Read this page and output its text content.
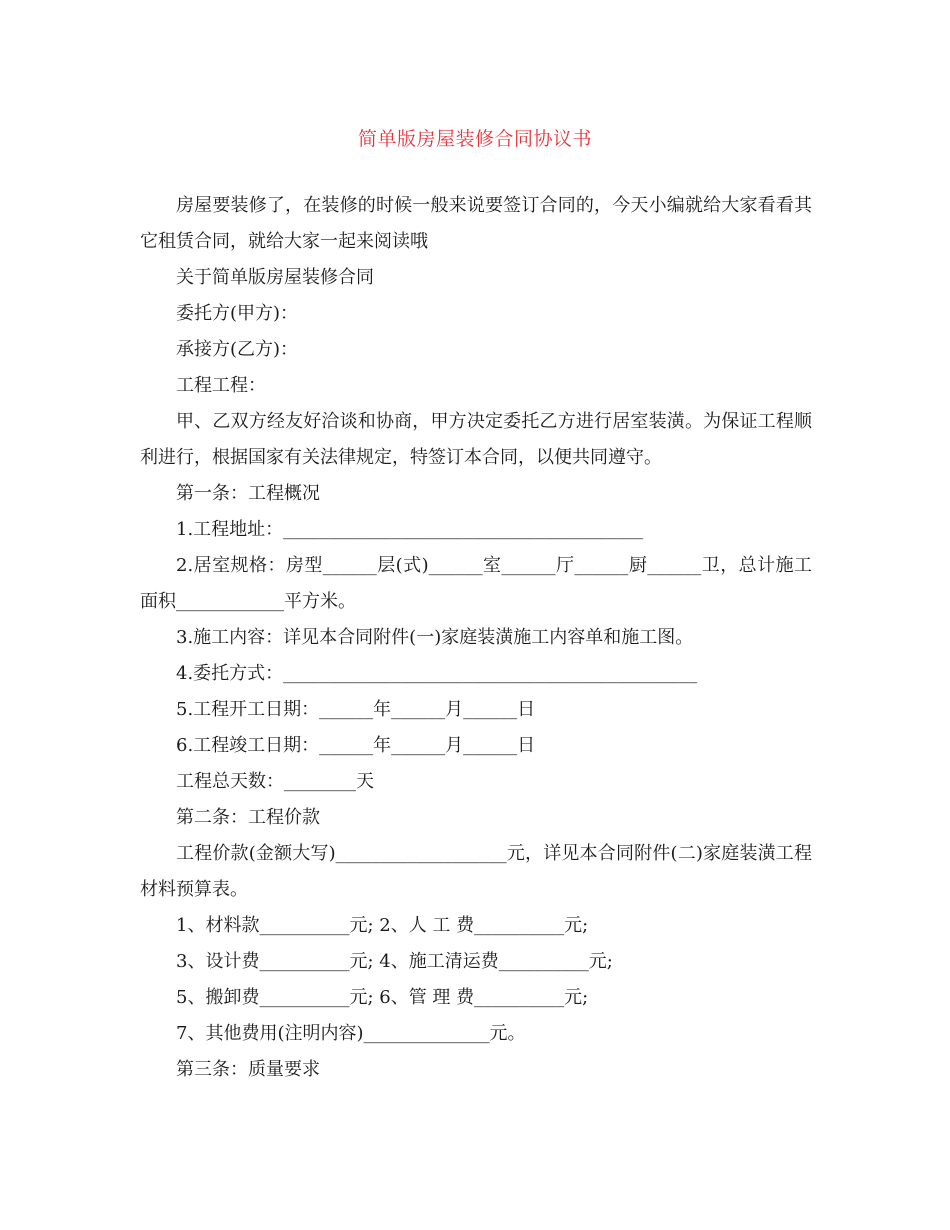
简单版房屋装修合同协议书

房屋要装修了，在装修的时候一般来说要签订合同的，今天小编就给大家看看其它租赁合同，就给大家一起来阅读哦

关于简单版房屋装修合同

委托方(甲方)：

承接方(乙方)：

工程工程：

甲、乙双方经友好洽谈和协商，甲方决定委托乙方进行居室装潢。为保证工程顺利进行，根据国家有关法律规定，特签订本合同，以便共同遵守。

第一条：工程概况

1.工程地址：________________________________________

2.居室规格：房型______层(式)______室______厅______厨______卫，总计施工面积____________平方米。

3.施工内容：详见本合同附件(一)家庭装潢施工内容单和施工图。

4.委托方式：______________________________________________

5.工程开工日期：______年______月______日

6.工程竣工日期：______年______月______日

工程总天数：________天

第二条：工程价款

工程价款(金额大写)___________________元，详见本合同附件(二)家庭装潢工程材料预算表。

1、材料款__________元; 2、人 工 费__________元;

3、设计费__________元; 4、施工清运费__________元;

5、搬卸费__________元; 6、管 理 费__________元;

7、其他费用(注明内容)______________元。

第三条：质量要求
